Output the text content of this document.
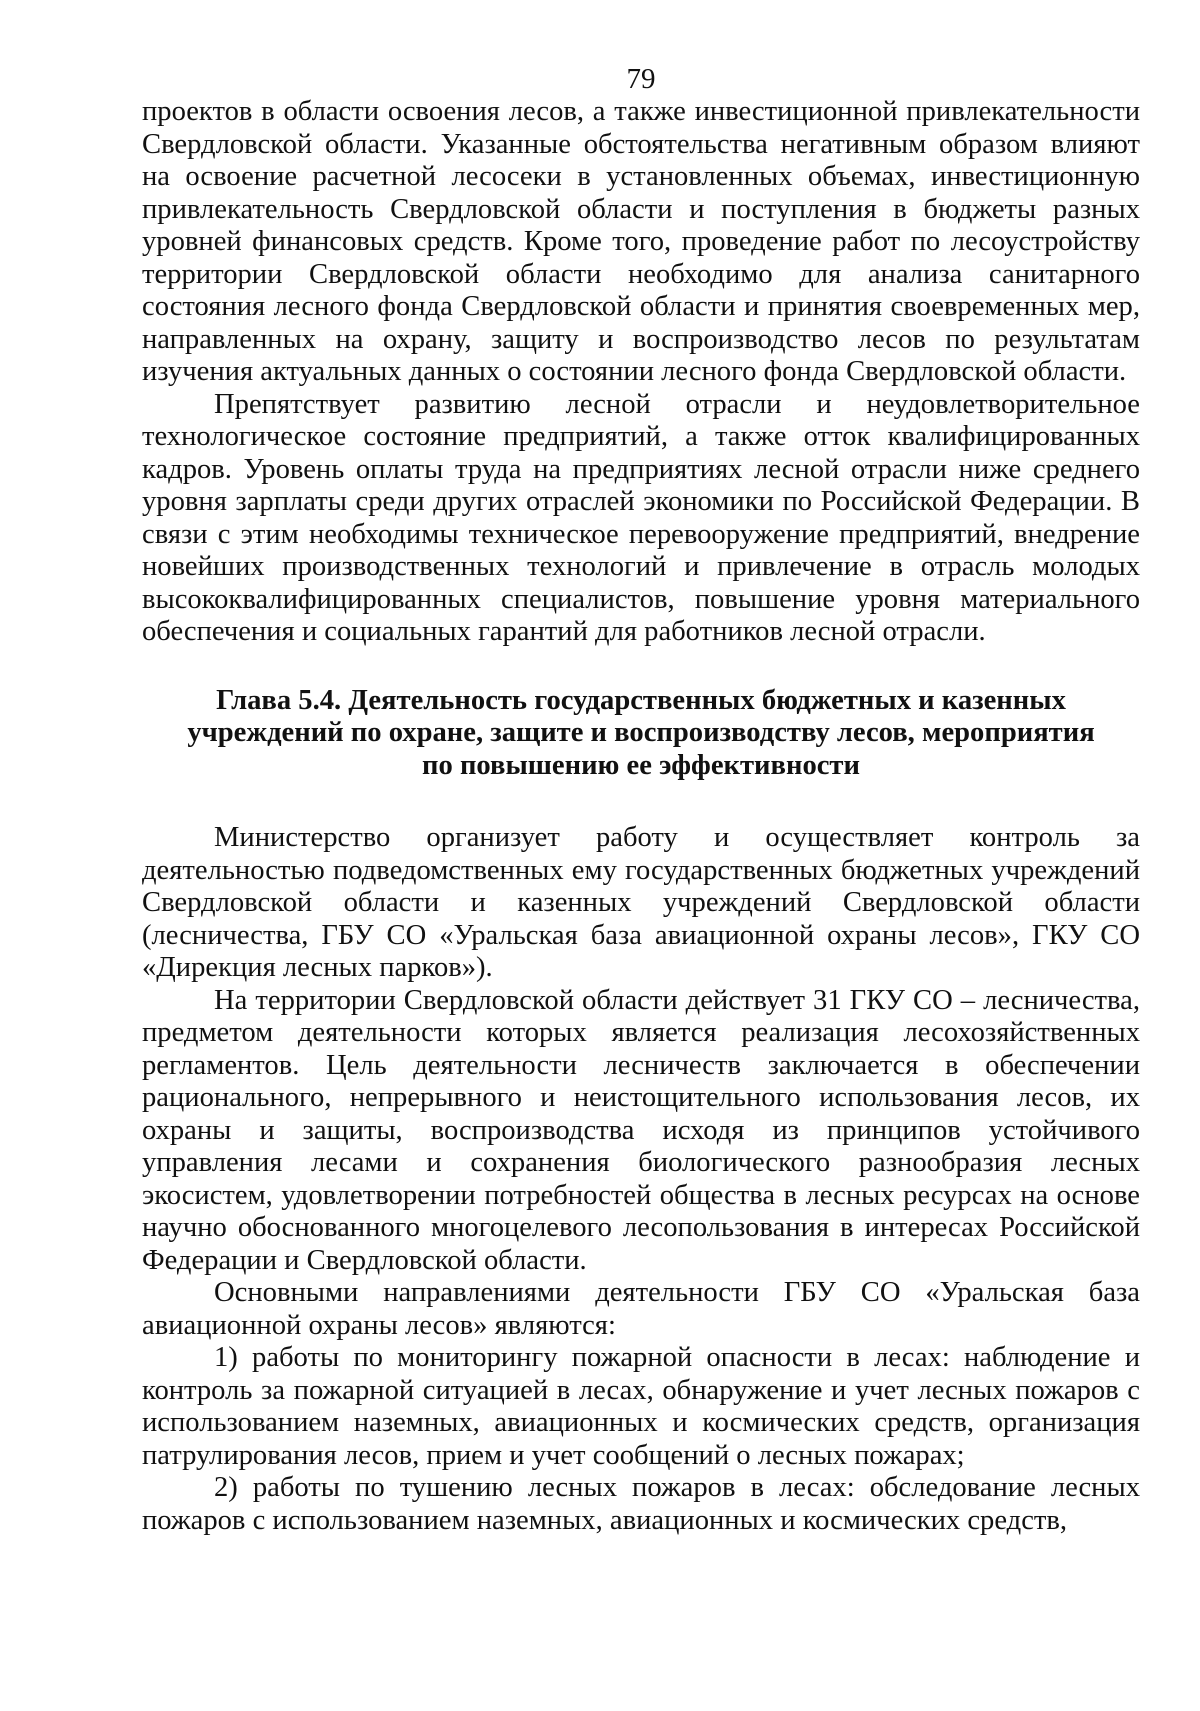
79

проектов в области освоения лесов, а также инвестиционной привлекательности Свердловской области. Указанные обстоятельства негативным образом влияют на освоение расчетной лесосеки в установленных объемах, инвестиционную привлекательность Свердловской области и поступления в бюджеты разных уровней финансовых средств. Кроме того, проведение работ по лесоустройству территории Свердловской области необходимо для анализа санитарного состояния лесного фонда Свердловской области и принятия своевременных мер, направленных на охрану, защиту и воспроизводство лесов по результатам изучения актуальных данных о состоянии лесного фонда Свердловской области.

Препятствует развитию лесной отрасли и неудовлетворительное технологическое состояние предприятий, а также отток квалифицированных кадров. Уровень оплаты труда на предприятиях лесной отрасли ниже среднего уровня зарплаты среди других отраслей экономики по Российской Федерации. В связи с этим необходимы техническое перевооружение предприятий, внедрение новейших производственных технологий и привлечение в отрасль молодых высококвалифицированных специалистов, повышение уровня материального обеспечения и социальных гарантий для работников лесной отрасли.

Глава 5.4. Деятельность государственных бюджетных и казенных
учреждений по охране, защите и воспроизводству лесов, мероприятия
по повышению ее эффективности

Министерство организует работу и осуществляет контроль за деятельностью подведомственных ему государственных бюджетных учреждений Свердловской области и казенных учреждений Свердловской области (лесничества, ГБУ СО «Уральская база авиационной охраны лесов», ГКУ СО «Дирекция лесных парков»).

На территории Свердловской области действует 31 ГКУ СО – лесничества, предметом деятельности которых является реализация лесохозяйственных регламентов. Цель деятельности лесничеств заключается в обеспечении рационального, непрерывного и неистощительного использования лесов, их охраны и защиты, воспроизводства исходя из принципов устойчивого управления лесами и сохранения биологического разнообразия лесных экосистем, удовлетворении потребностей общества в лесных ресурсах на основе научно обоснованного многоцелевого лесопользования в интересах Российской Федерации и Свердловской области.

Основными направлениями деятельности ГБУ СО «Уральская база авиационной охраны лесов» являются:

1) работы по мониторингу пожарной опасности в лесах: наблюдение и контроль за пожарной ситуацией в лесах, обнаружение и учет лесных пожаров с использованием наземных, авиационных и космических средств, организация патрулирования лесов, прием и учет сообщений о лесных пожарах;

2) работы по тушению лесных пожаров в лесах: обследование лесных пожаров с использованием наземных, авиационных и космических средств,
